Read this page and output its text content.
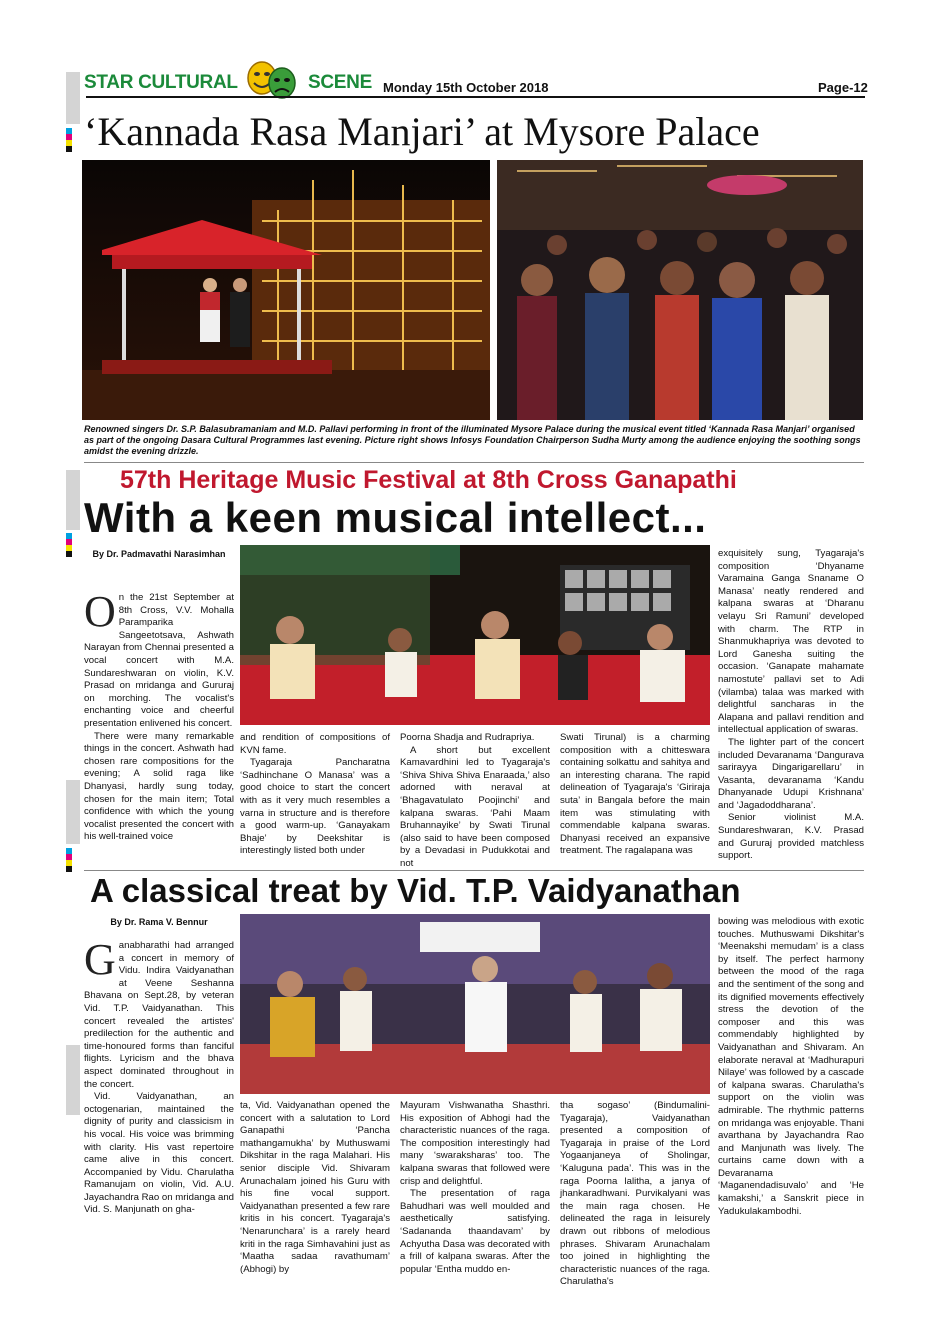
STAR CULTURAL	SCENE Monday 15th October 2018	Page-12
‘Kannada Rasa Manjari’ at Mysore Palace
Renowned singers Dr. S.P. Balasubramaniam and M.D. Pallavi performing in front of the illuminated Mysore Palace during the musical event titled ‘Kannada Rasa Manjari’ organised as part of the ongoing Dasara Cultural Programmes last evening. Picture right shows Infosys Foundation Chairperson Sudha Murty among the audience enjoying the soothing songs amidst the evening drizzle.
57th Heritage Music Festival at 8th Cross Ganapathi
With a keen musical intellect...
By Dr. Padmavathi Narasimhan

On the 21st September at 8th Cross, V.V. Mohalla Paramparika Sangeetotsava, Ashwath Narayan from Chennai presented a vocal concert with M.A. Sundareshwaran on violin, K.V. Prasad on mridanga and Gururaj on morching. The vocalist's enchanting voice and cheerful presentation enlivened his concert.

There were many remarkable things in the concert. Ashwath had chosen rare compositions for the evening; A solid raga like Dhanyasi, hardly sung today, chosen for the main item; Total confidence with which the young vocalist presented the concert with his well-trained voice

and rendition of compositions of KVN fame.

Tyagaraja Pancharatna ‘Sadhinchane O Manasa’ was a good choice to start the concert with as it very much resembles a varna in structure and is therefore a good warm-up. ‘Ganayakam Bhaje’ by Deekshitar is interestingly listed both under

Poorna Shadja and Rudrapriya.

A short but excellent Kamavardhini led to Tyagaraja's ‘Shiva Shiva Shiva Enaraada,’ also adorned with neraval at ‘Bhagavatulato Poojinchi’ and kalpana swaras. ‘Pahi Maam Bruhannayike’ by Swati Tirunal (also said to have been composed by a Devadasi in Pudukkotai and not

Swati Tirunal) is a charming composition with a chitteswara containing solkattu and sahitya and an interesting charana. The rapid delineation of Tyagaraja's ‘Giriraja suta’ in Bangala before the main item was stimulating with commendable kalpana swaras. Dhanyasi received an expansive treatment. The ragalapana was

exquisitely sung, Tyagaraja's composition ‘Dhyaname Varamaina Ganga Snaname O Manasa’ neatly rendered and kalpana swaras at ‘Dharanu velayu Sri Ramuni’ developed with charm. The RTP in Shanmukhapriya was devoted to Lord Ganesha suiting the occasion. ‘Ganapate mahamate namostute’ pallavi set to Adi (vilamba) talaa was marked with delightful sancharas in the Alapana and pallavi rendition and intellectual application of swaras.

The lighter part of the concert included Devaranama ‘Dangurava sarirayya Dingarigarellaru’ in Vasanta, devaranama ‘Kandu Dhanyanade Udupi Krishnana’ and ‘Jagadoddharana’.

Senior violinist M.A. Sundareshwaran, K.V. Prasad and Gururaj provided matchless support.

A classical treat by Vid. T.P. Vaidyanathan
By Dr. Rama V. Bennur

Ganabharathi had arranged a concert in memory of Vidu. Indira Vaidyanathan at Veene Seshanna Bhavana on Sept.28, by veteran Vid. T.P. Vaidyanathan. This concert revealed the artistes' predilection for the authentic and time-honoured forms than fanciful flights. Lyricism and the bhava aspect dominated throughout in the concert.

Vid. Vaidyanathan, an octogenarian, maintained the dignity of purity and classicism in his vocal. His voice was brimming with clarity. His vast repertoire came alive in this concert. Accompanied by Vidu. Charulatha Ramanujam on violin, Vid. A.U. Jayachandra Rao on mridanga and Vid. S. Manjunath on gha-

ta, Vid. Vaidyanathan opened the concert with a salutation to Lord Ganapathi ‘Pancha mathangamukha’ by Muthuswami Dikshitar in the raga Malahari. His senior disciple Vid. Shivaram Arunachalam joined his Guru with his fine vocal support. Vaidyanathan presented a few rare kritis in his concert. Tyagaraja's ‘Nenarunchara’ is a rarely heard kriti in the raga Simhavahini just as ‘Maatha sadaa ravathumam’ (Abhogi) by

Mayuram Vishwanatha Shasthri. His exposition of Abhogi had the characteristic nuances of the raga. The composition interestingly had many ‘swaraksharas’ too. The kalpana swaras that followed were crisp and delightful.

The presentation of raga Bahudhari was well moulded and aesthetically satisfying. ‘Sadananda thaandavam’ by Achyutha Dasa was decorated with a frill of kalpana swaras. After the popular ‘Entha muddo en-

tha sogaso’ (Bindumalini-Tyagaraja), Vaidyanathan presented a composition of Tyagaraja in praise of the Lord Yogaanjaneya of Sholingar, ‘Kaluguna pada’. This was in the raga Poorna lalitha, a janya of jhankaradhwani. Purvikalyani was the main raga chosen. He delineated the raga in leisurely drawn out ribbons of melodious phrases. Shivaram Arunachalam too joined in highlighting the characteristic nuances of the raga. Charulatha's

bowing was melodious with exotic touches. Muthuswami Dikshitar's ‘Meenakshi memudam’ is a class by itself. The perfect harmony between the mood of the raga and the sentiment of the song and its dignified movements effectively stress the devotion of the composer and this was commendably highlighted by Vaidyanathan and Shivaram. An elaborate neraval at ‘Madhurapuri Nilaye’ was followed by a cascade of kalpana swaras. Charulatha's support on the violin was admirable. The rhythmic patterns on mridanga was enjoyable. Thani avarthana by Jayachandra Rao and Manjunath was lively. The curtains came down with a Devaranama ‘Maganendadisuvalo’ and ‘He kamakshi,’ a Sanskrit piece in Yadukulakambodhi.
